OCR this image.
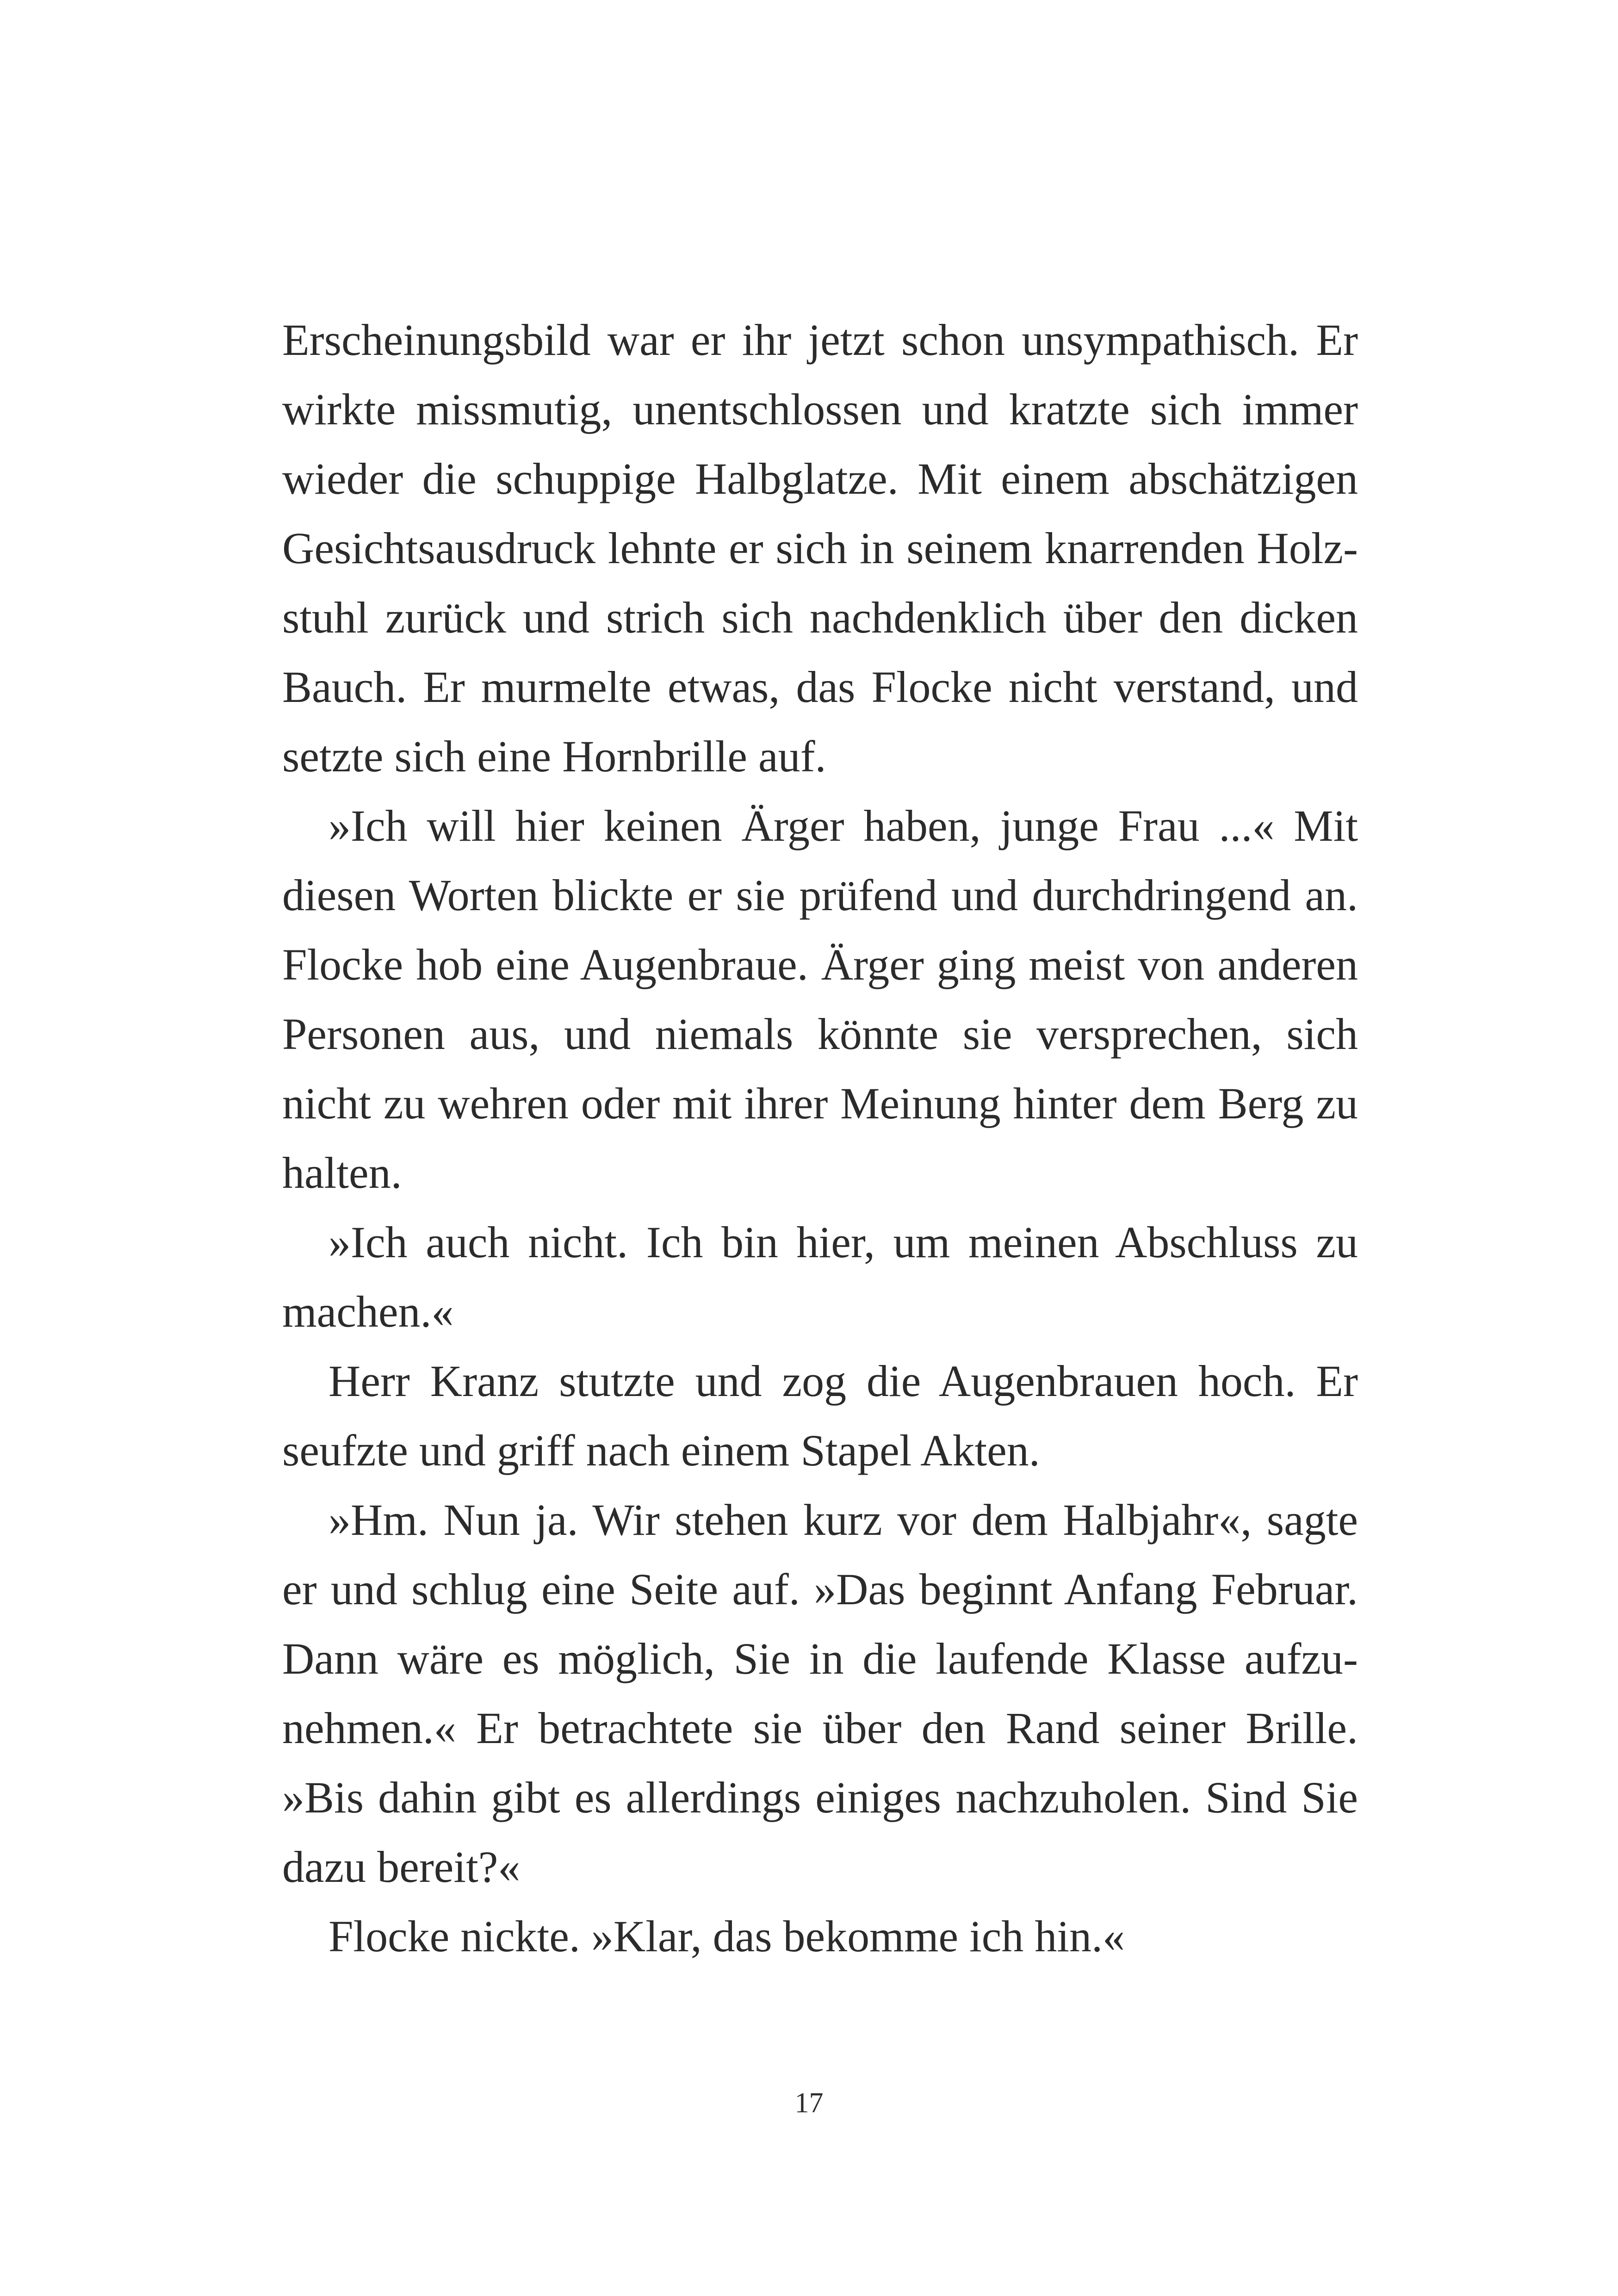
Erscheinungsbild war er ihr jetzt schon unsympathisch. Er wirkte missmutig, unentschlossen und kratzte sich immer wieder die schuppige Halbglatze. Mit einem abschätzigen Gesichtsausdruck lehnte er sich in seinem knarrenden Holzstuhl zurück und strich sich nachdenklich über den dicken Bauch. Er murmelte etwas, das Flocke nicht verstand, und setzte sich eine Hornbrille auf.

»Ich will hier keinen Ärger haben, junge Frau ...« Mit diesen Worten blickte er sie prüfend und durchdringend an. Flocke hob eine Augenbraue. Ärger ging meist von anderen Personen aus, und niemals könnte sie versprechen, sich nicht zu wehren oder mit ihrer Meinung hinter dem Berg zu halten.

»Ich auch nicht. Ich bin hier, um meinen Abschluss zu machen.«

Herr Kranz stutzte und zog die Augenbrauen hoch. Er seufzte und griff nach einem Stapel Akten.

»Hm. Nun ja. Wir stehen kurz vor dem Halbjahr«, sagte er und schlug eine Seite auf. »Das beginnt Anfang Februar. Dann wäre es möglich, Sie in die laufende Klasse aufzunehmen.« Er betrachtete sie über den Rand seiner Brille. »Bis dahin gibt es allerdings einiges nachzuholen. Sind Sie dazu bereit?«

Flocke nickte. »Klar, das bekomme ich hin.«

17
